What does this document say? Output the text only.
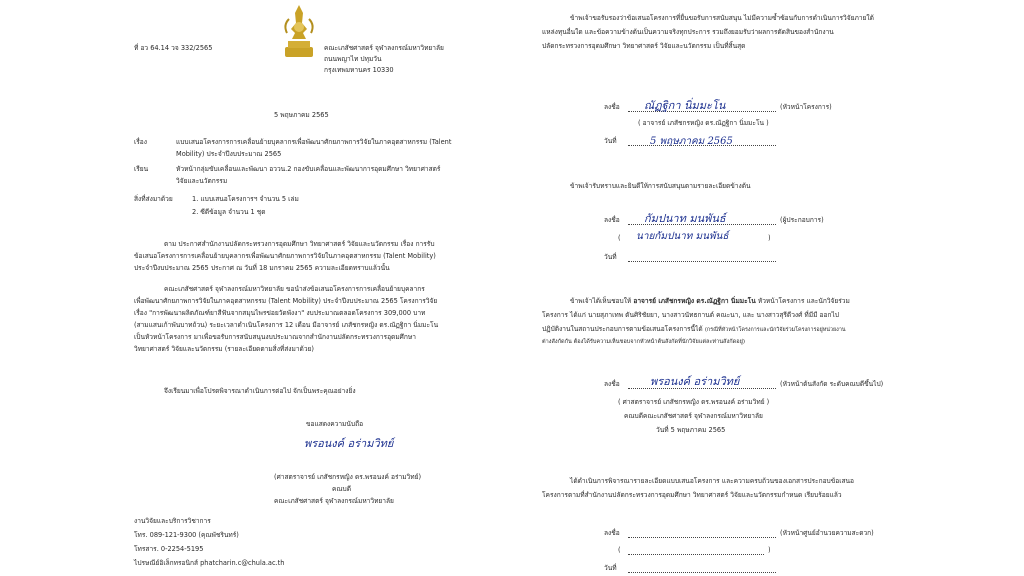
ที่ อว 64.14 วจ 332/2565	คณะเภสัชศาสตร์ จุฬาลงกรณ์มหาวิทยาลัย
ถนนพญาไท ปทุมวัน
กรุงเทพมหานคร 10330
5 พฤษภาคม 2565
เรื่อง	แบบเสนอโครงการการเคลื่อนย้ายบุคลากรเพื่อพัฒนาศักยภาพการวิจัยในภาคอุตสาหกรรม (Talent
Mobility) ประจำปีงบประมาณ 2565
เรียน	หัวหน้ากลุ่มขับเคลื่อนและพัฒนา อววน.2 กองขับเคลื่อนและพัฒนาการอุดมศึกษา วิทยาศาสตร์
วิจัยและนวัตกรรม
สิ่งที่ส่งมาด้วย	1. แบบเสนอโครงการฯ จำนวน 5 เล่ม
2. ซีดีข้อมูล จำนวน 1 ชุด
ตาม ประกาศสำนักงานปลัดกระทรวงการอุดมศึกษา วิทยาศาสตร์ วิจัยและนวัตกรรม เรื่อง การรับ
ข้อเสนอโครงการการเคลื่อนย้ายบุคลากรเพื่อพัฒนาศักยภาพการวิจัยในภาคอุตสาหกรรม (Talent Mobility)
ประจำปีงบประมาณ 2565 ประกาศ ณ วันที่ 18 มกราคม 2565 ความละเอียดทราบแล้วนั้น
คณะเภสัชศาสตร์ จุฬาลงกรณ์มหาวิทยาลัย ขอนำส่งข้อเสนอโครงการการเคลื่อนย้ายบุคลากร
เพื่อพัฒนาศักยภาพการวิจัยในภาคอุตสาหกรรม (Talent Mobility) ประจำปีงบประมาณ 2565 โครงการวิจัย
เรื่อง "การพัฒนาผลิตภัณฑ์ยาสีฟันจากสมุนไพรข่อยวัดพังงา" งบประมาณตลอดโครงการ 309,000 บาท
(สามแสนเก้าพันบาทถ้วน) ระยะเวลาดำเนินโครงการ 12 เดือน มีอาจารย์ เภสัชกรหญิง ดร.ณัฏฐิกา นิ่มมะโน
เป็นหัวหน้าโครงการ มาเพื่อขอรับการสนับสนุนงบประมาณจากสำนักงานปลัดกระทรวงการอุดมศึกษา
วิทยาศาสตร์ วิจัยและนวัตกรรม (รายละเอียดตามสิ่งที่ส่งมาด้วย)
จึงเรียนมาเพื่อโปรดพิจารณาดำเนินการต่อไป จักเป็นพระคุณอย่างยิ่ง
ขอแสดงความนับถือ
พรอนงค์ อร่ามวิทย์
(ศาสตราจารย์ เภสัชกรหญิง ดร.พรอนงค์ อร่ามวิทย์)
คณบดี
คณะเภสัชศาสตร์ จุฬาลงกรณ์มหาวิทยาลัย
งานวิจัยและบริการวิชาการ
โทร. 089-121-9300 (คุณพัชรินทร์)
โทรสาร. 0-2254-5195
ไปรษณีย์อิเล็กทรอนิกส์ phatcharin.c@chula.ac.th
ข้าพเจ้าขอรับรองว่าข้อเสนอโครงการที่ยื่นขอรับการสนับสนุน ไม่มีความซ้ำซ้อนกับการดำเนินการวิจัยภายใต้
แหล่งทุนอื่นใด และข้อความข้างต้นเป็นความจริงทุกประการ รวมถึงยอมรับว่าผลการตัดสินของสำนักงาน
ปลัดกระทรวงการอุดมศึกษา วิทยาศาสตร์ วิจัยและนวัตกรรม เป็นที่สิ้นสุด
ลงชื่อ ณัฏฐิกา นิ่มมะโน	(หัวหน้าโครงการ)
( อาจารย์ เภสัชกรหญิง ดร.ณัฏฐิกา นิ่มมะโน )
วันที่	5 พฤษภาคม 2565
ข้าพเจ้ารับทราบและยินดีให้การสนับสนุนตามรายละเอียดข้างต้น
ลงชื่อ กัมปนาท มนพันธ์	(ผู้ประกอบการ)
( นายกัมปนาท มนพันธ์	)
วันที่
ข้าพเจ้าได้เห็นชอบให้ อาจารย์ เภสัชกรหญิง ดร.ณัฏฐิกา นิ่มมะโน หัวหน้าโครงการ และนักวิจัยร่วม
โครงการ ได้แก่ นายสุภาเทพ ตันศิริชัยยา, นางสาวนัทธกานต์ คณะนา, และ นางสาวสุรีดีวงศ์ ที่มีมี ออกไป
ปฏิบัติงานในสถานประกอบการตามข้อเสนอโครงการนี้ได้ (กรณีที่หัวหน้าโครงการและนักวิจัยร่วมโครงการอยู่หน่วยงาน
ต่างสังกัดกัน ต้องได้รับความเห็นชอบจากหัวหน้าต้นสังกัดที่นักวิจัยแต่ละท่านสังกัดอยู่)
ลงชื่อ	พรอนงค์ อร่ามวิทย์	(หัวหน้าต้นสังกัด ระดับคณบดีขึ้นไป)
( ศาสตราจารย์ เภสัชกรหญิง ดร.พรอนงค์ อร่ามวิทย์ )
คณบดีคณะเภสัชศาสตร์ จุฬาลงกรณ์มหาวิทยาลัย
วันที่ 5 พฤษภาคม 2565
ได้ดำเนินการพิจารณารายละเอียดแบบเสนอโครงการ และความครบถ้วนของเอกสารประกอบข้อเสนอ
โครงการตามที่สำนักงานปลัดกระทรวงการอุดมศึกษา วิทยาศาสตร์ วิจัยและนวัตกรรมกำหนด เรียบร้อยแล้ว
ลงชื่อ	(หัวหน้าศูนย์อำนวยความสะดวก)
(	)
วันที่
